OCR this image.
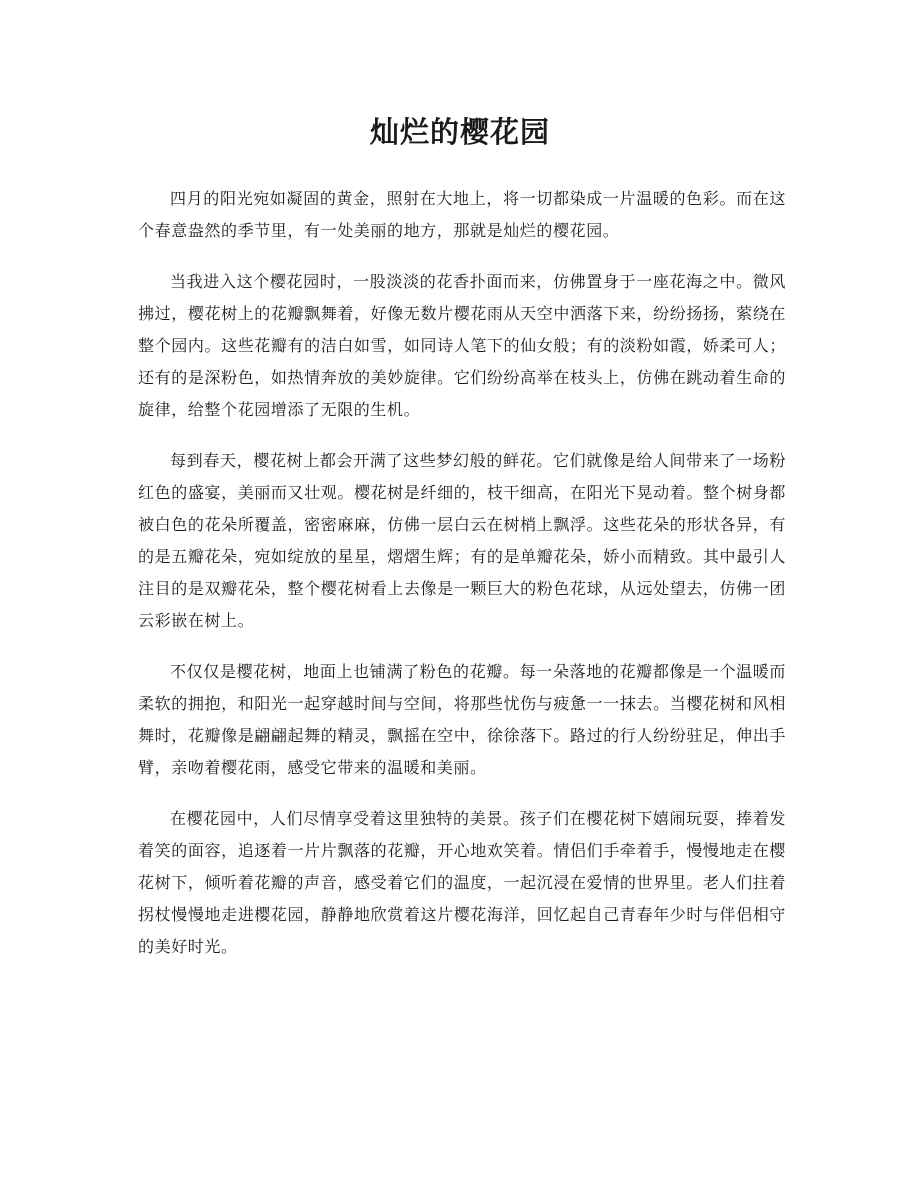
灿烂的樱花园

四月的阳光宛如凝固的黄金，照射在大地上，将一切都染成一片温暖的色彩。而在这个春意盎然的季节里，有一处美丽的地方，那就是灿烂的樱花园。

当我进入这个樱花园时，一股淡淡的花香扑面而来，仿佛置身于一座花海之中。微风拂过，樱花树上的花瓣飘舞着，好像无数片樱花雨从天空中洒落下来，纷纷扬扬，萦绕在整个园内。这些花瓣有的洁白如雪，如同诗人笔下的仙女般；有的淡粉如霞，娇柔可人；还有的是深粉色，如热情奔放的美妙旋律。它们纷纷高举在枝头上，仿佛在跳动着生命的旋律，给整个花园增添了无限的生机。

每到春天，樱花树上都会开满了这些梦幻般的鲜花。它们就像是给人间带来了一场粉红色的盛宴，美丽而又壮观。樱花树是纤细的，枝干细高，在阳光下晃动着。整个树身都被白色的花朵所覆盖，密密麻麻，仿佛一层白云在树梢上飘浮。这些花朵的形状各异，有的是五瓣花朵，宛如绽放的星星，熠熠生辉；有的是单瓣花朵，娇小而精致。其中最引人注目的是双瓣花朵，整个樱花树看上去像是一颗巨大的粉色花球，从远处望去，仿佛一团云彩嵌在树上。

不仅仅是樱花树，地面上也铺满了粉色的花瓣。每一朵落地的花瓣都像是一个温暖而柔软的拥抱，和阳光一起穿越时间与空间，将那些忧伤与疲惫一一抹去。当樱花树和风相舞时，花瓣像是翩翩起舞的精灵，飘摇在空中，徐徐落下。路过的行人纷纷驻足，伸出手臂，亲吻着樱花雨，感受它带来的温暖和美丽。

在樱花园中，人们尽情享受着这里独特的美景。孩子们在樱花树下嬉闹玩耍，捧着发着笑的面容，追逐着一片片飘落的花瓣，开心地欢笑着。情侣们手牵着手，慢慢地走在樱花树下，倾听着花瓣的声音，感受着它们的温度，一起沉浸在爱情的世界里。老人们拄着拐杖慢慢地走进樱花园，静静地欣赏着这片樱花海洋，回忆起自己青春年少时与伴侣相守的美好时光。
